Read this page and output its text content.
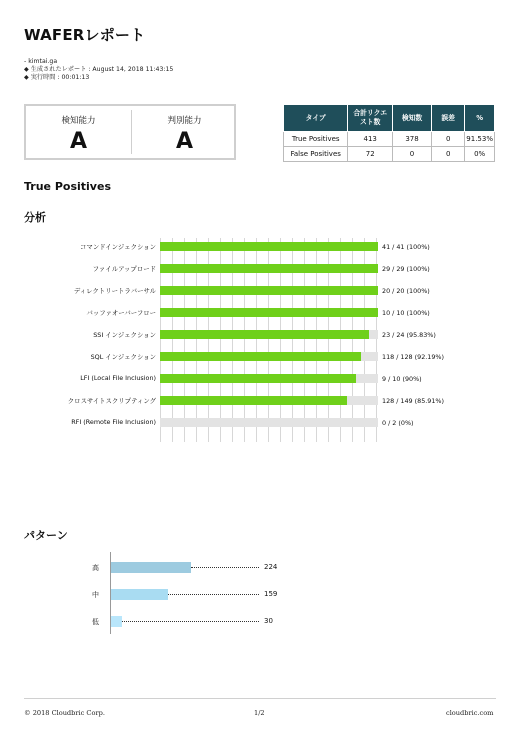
WAFERレポート
- kimtai.ga
◆ 生成されたレポート : August 14, 2018 11:43:15
◆ 実行時間 : 00:01:13
検知能力
A
判別能力
A
タイプ	合計リクエスト数	検知数	誤差	%
True Positives	413	378	0	91.53%
False Positives	72	0	0	0%
True Positives
分析
コマンドインジェクション	41 / 41 (100%)
ファイルアップロード	29 / 29 (100%)
ディレクトリートラバーサル	20 / 20 (100%)
バッファオーバーフロー	10 / 10 (100%)
SSI インジェクション	23 / 24 (95.83%)
SQL インジェクション	118 / 128 (92.19%)
LFI (Local File Inclusion)	9 / 10 (90%)
クロスサイトスクリプティング	128 / 149 (85.91%)
RFI (Remote File Inclusion)	0 / 2 (0%)
パターン
高	224
中	159
低	30
© 2018 Cloudbric Corp.	1/2	cloudbric.com
